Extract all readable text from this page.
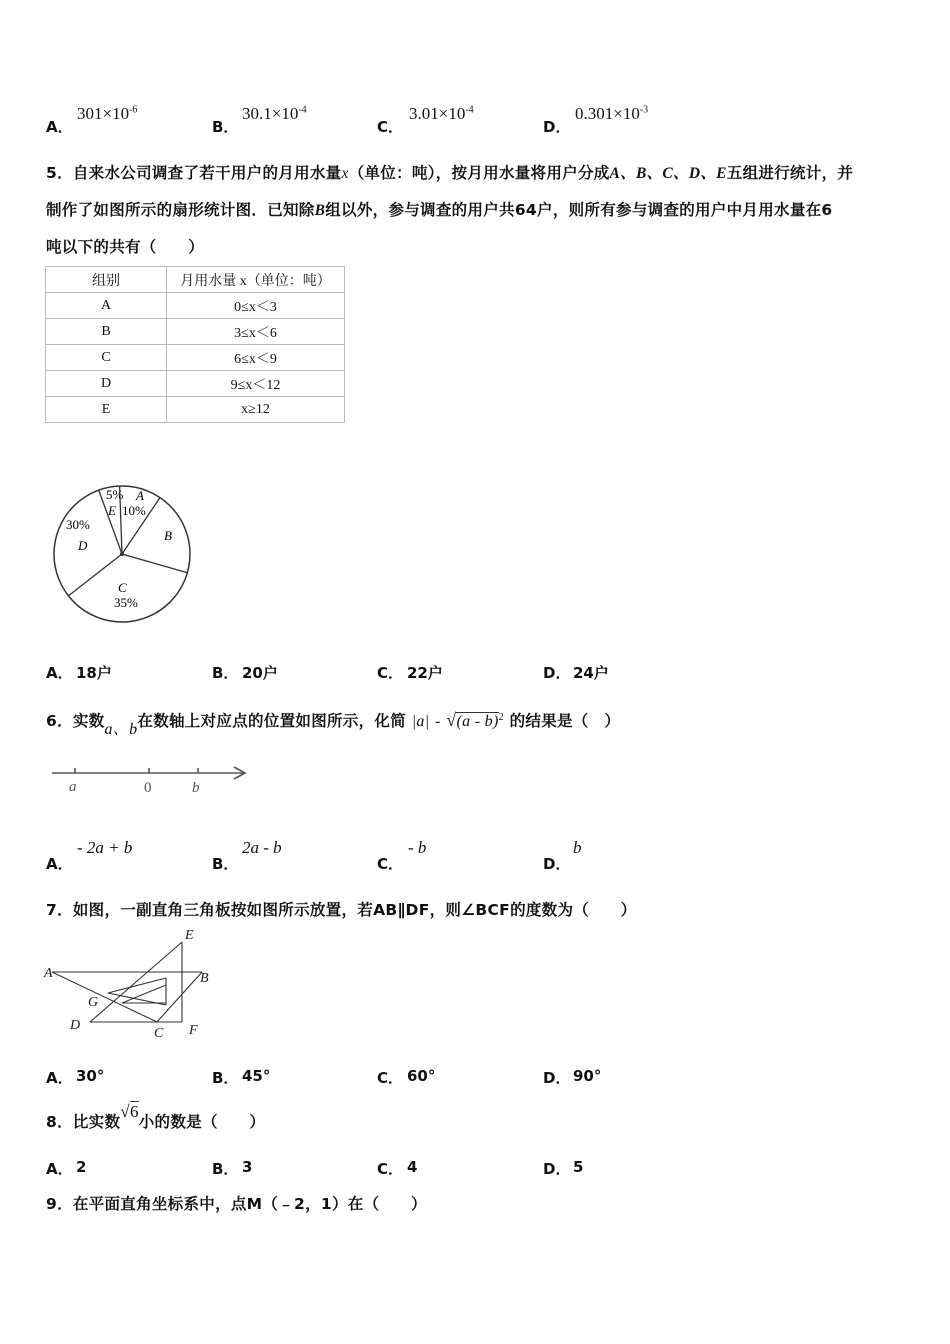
A．
$301\times 10^{-6}$
B．
$30.1\times 10^{-4}$
C．
$3.01\times 10^{-4}$
D．
$0.301\times 10^{-3}$
5．自来水公司调查了若干用户的月用水量x（单位：吨），按月用水量将用户分成A、B、C、D、E五组进行统计，并
制作了如图所示的扇形统计图．已知除B组以外，参与调查的用户共64户，则所有参与调查的用户中月用水量在6
吨以下的共有（　　）
组别	月用水量 x（单位：吨）
A	0≤x＜3
B	3≤x＜6
C	6≤x＜9
D	9≤x＜12
E	x≥12
5%
E
A
10%
B
30%
D
C
35%
A． 18户	B． 20户	C． 22户	D． 24户
6．实数a、b在数轴上对应点的位置如图所示，化简 |a| - √(a - b)$^2$ 的结果是（　）
a	0	b
A．
- 2a + b
B．
2a - b
C．
- b
D．
b
7．如图，一副直角三角板按如图所示放置，若AB∥DF，则∠BCF的度数为（　　）
A	B
C
D
E
F
G
A． 30°	B． 45°	C． 60°	D． 90°
8．比实数√6小的数是（　　）
A． 2	B． 3	C． 4	D． 5
9．在平面直角坐标系中，点M（﹣2，1）在（　　）
